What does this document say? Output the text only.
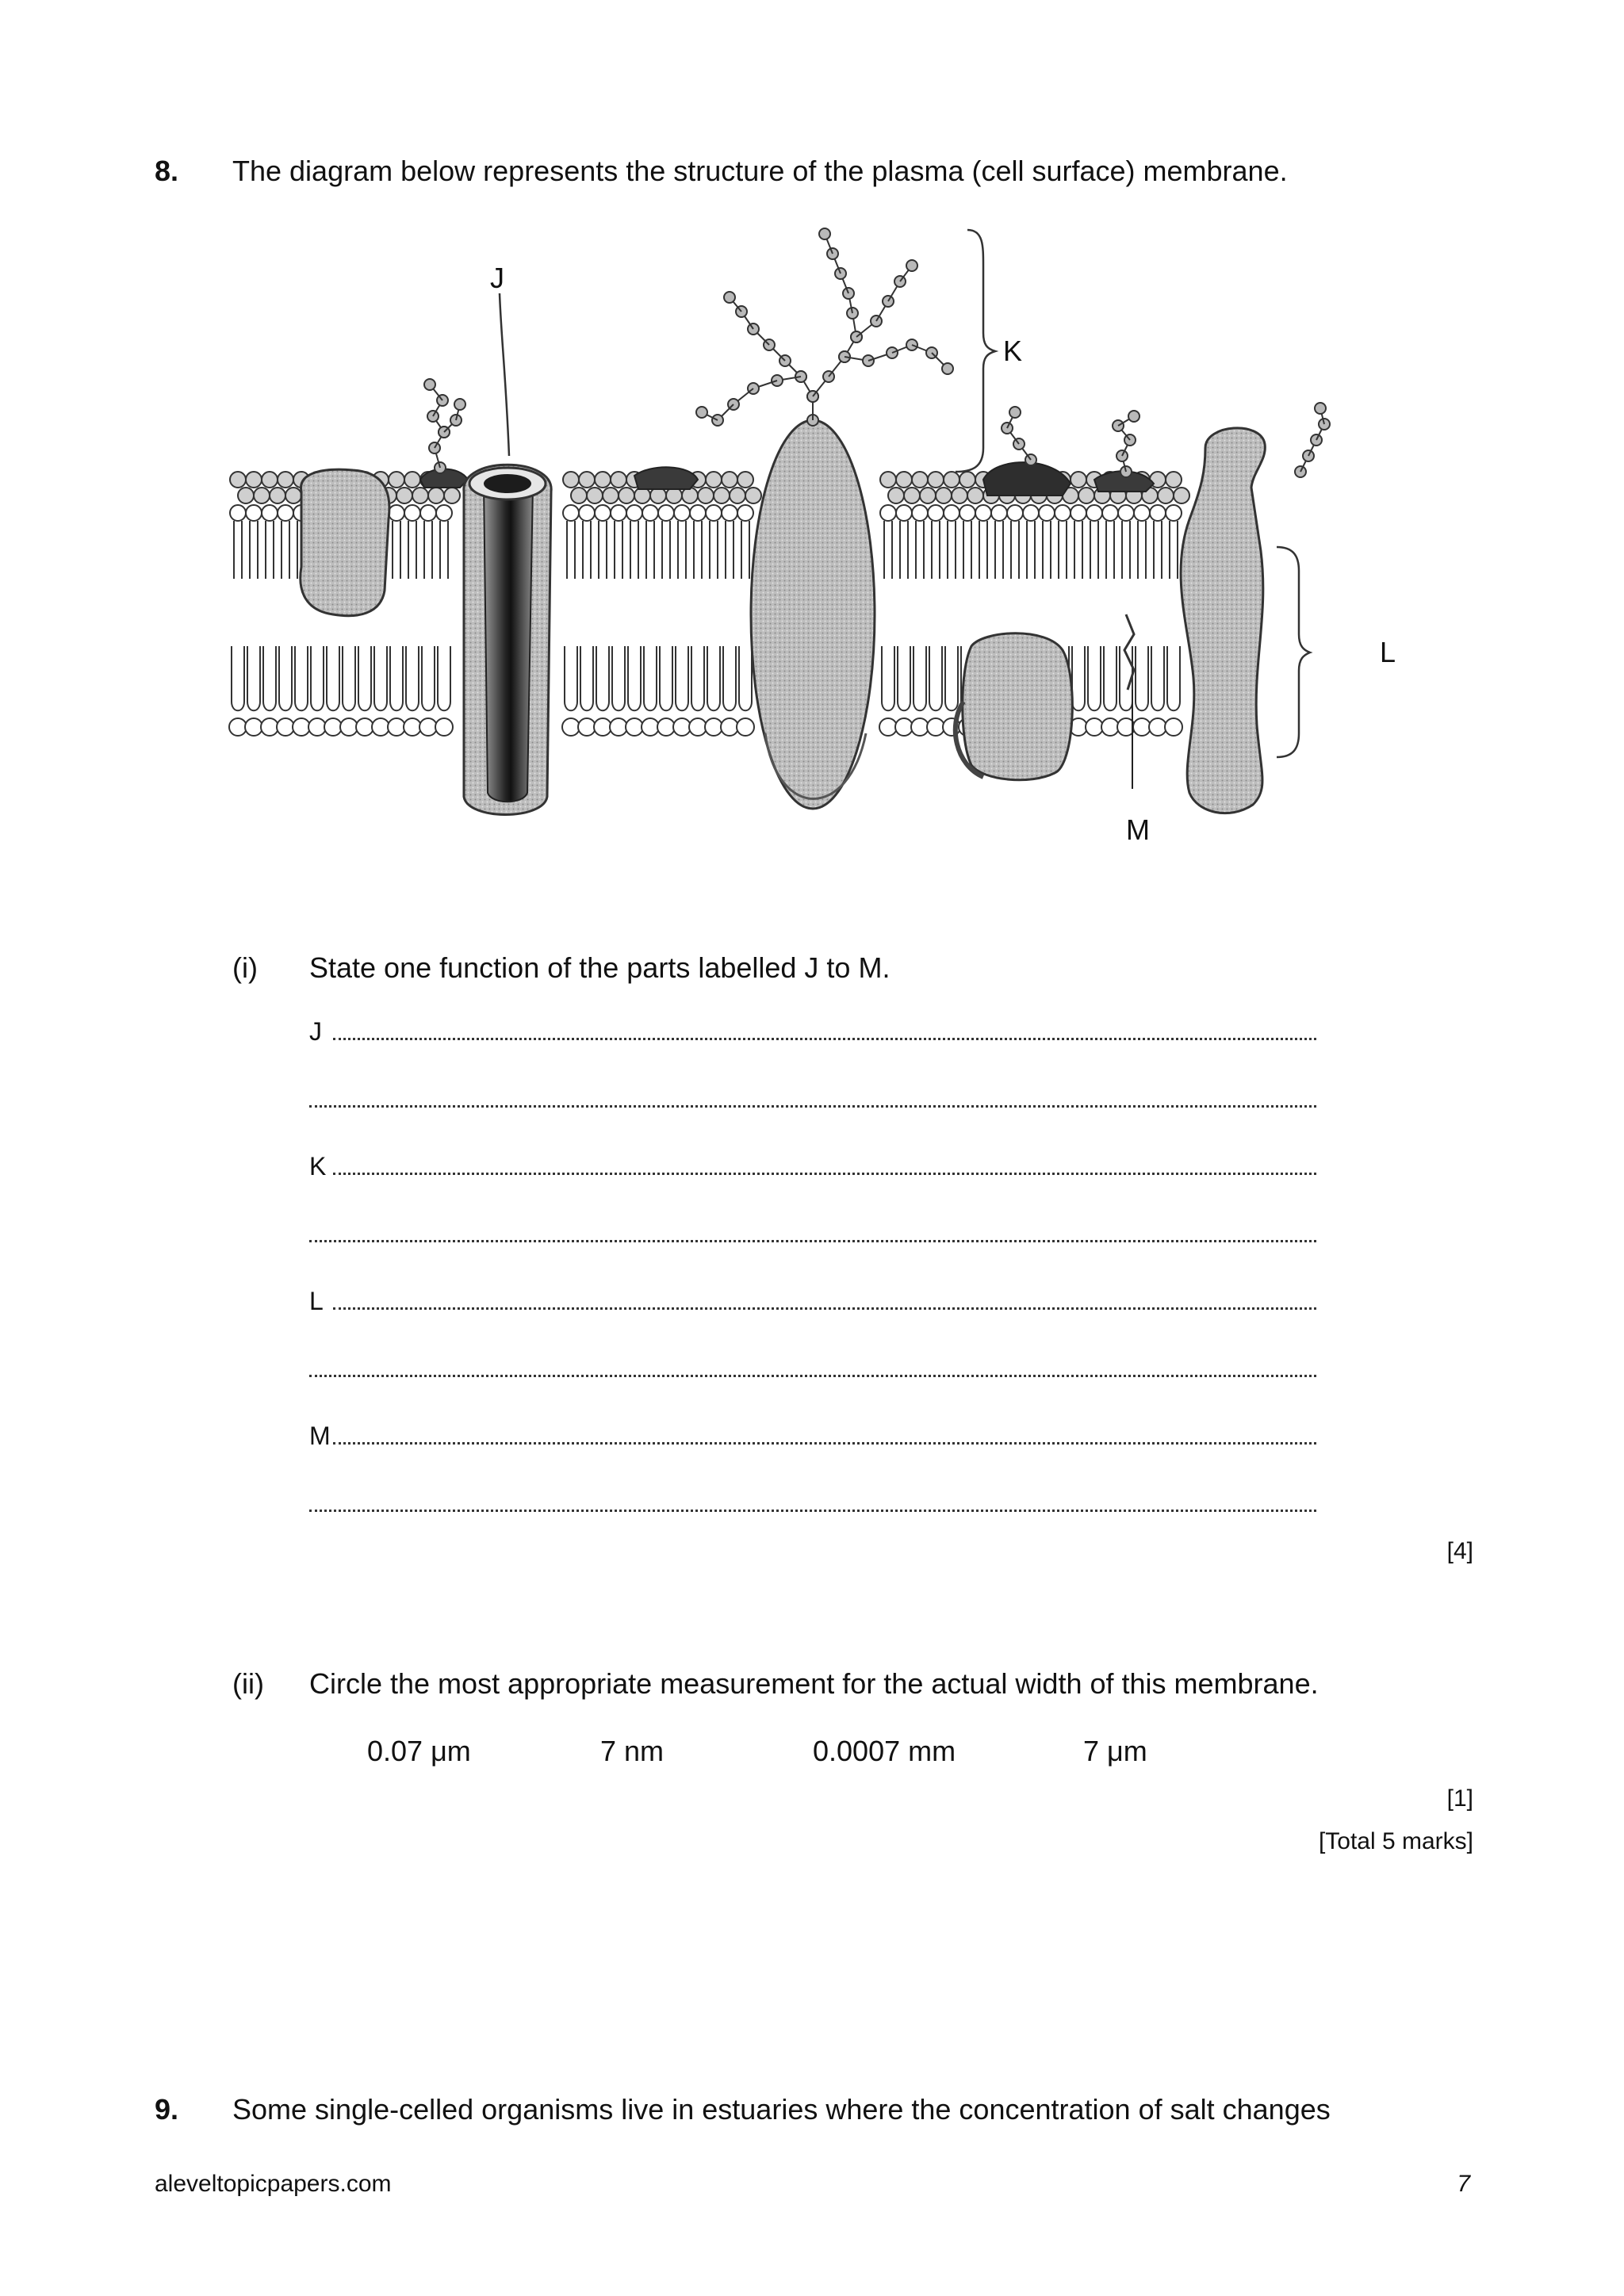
8. The diagram below represents the structure of the plasma (cell surface) membrane.
J
K
L
M
(i) State one function of the parts labelled J to M.
J
K
L
M
[4]
(ii) Circle the most appropriate measurement for the actual width of this membrane.
0.07 μm	7 nm	0.0007 mm	7 μm
[1]
[Total 5 marks]
9. Some single-celled organisms live in estuaries where the concentration of salt changes
aleveltopicpapers.com	7
